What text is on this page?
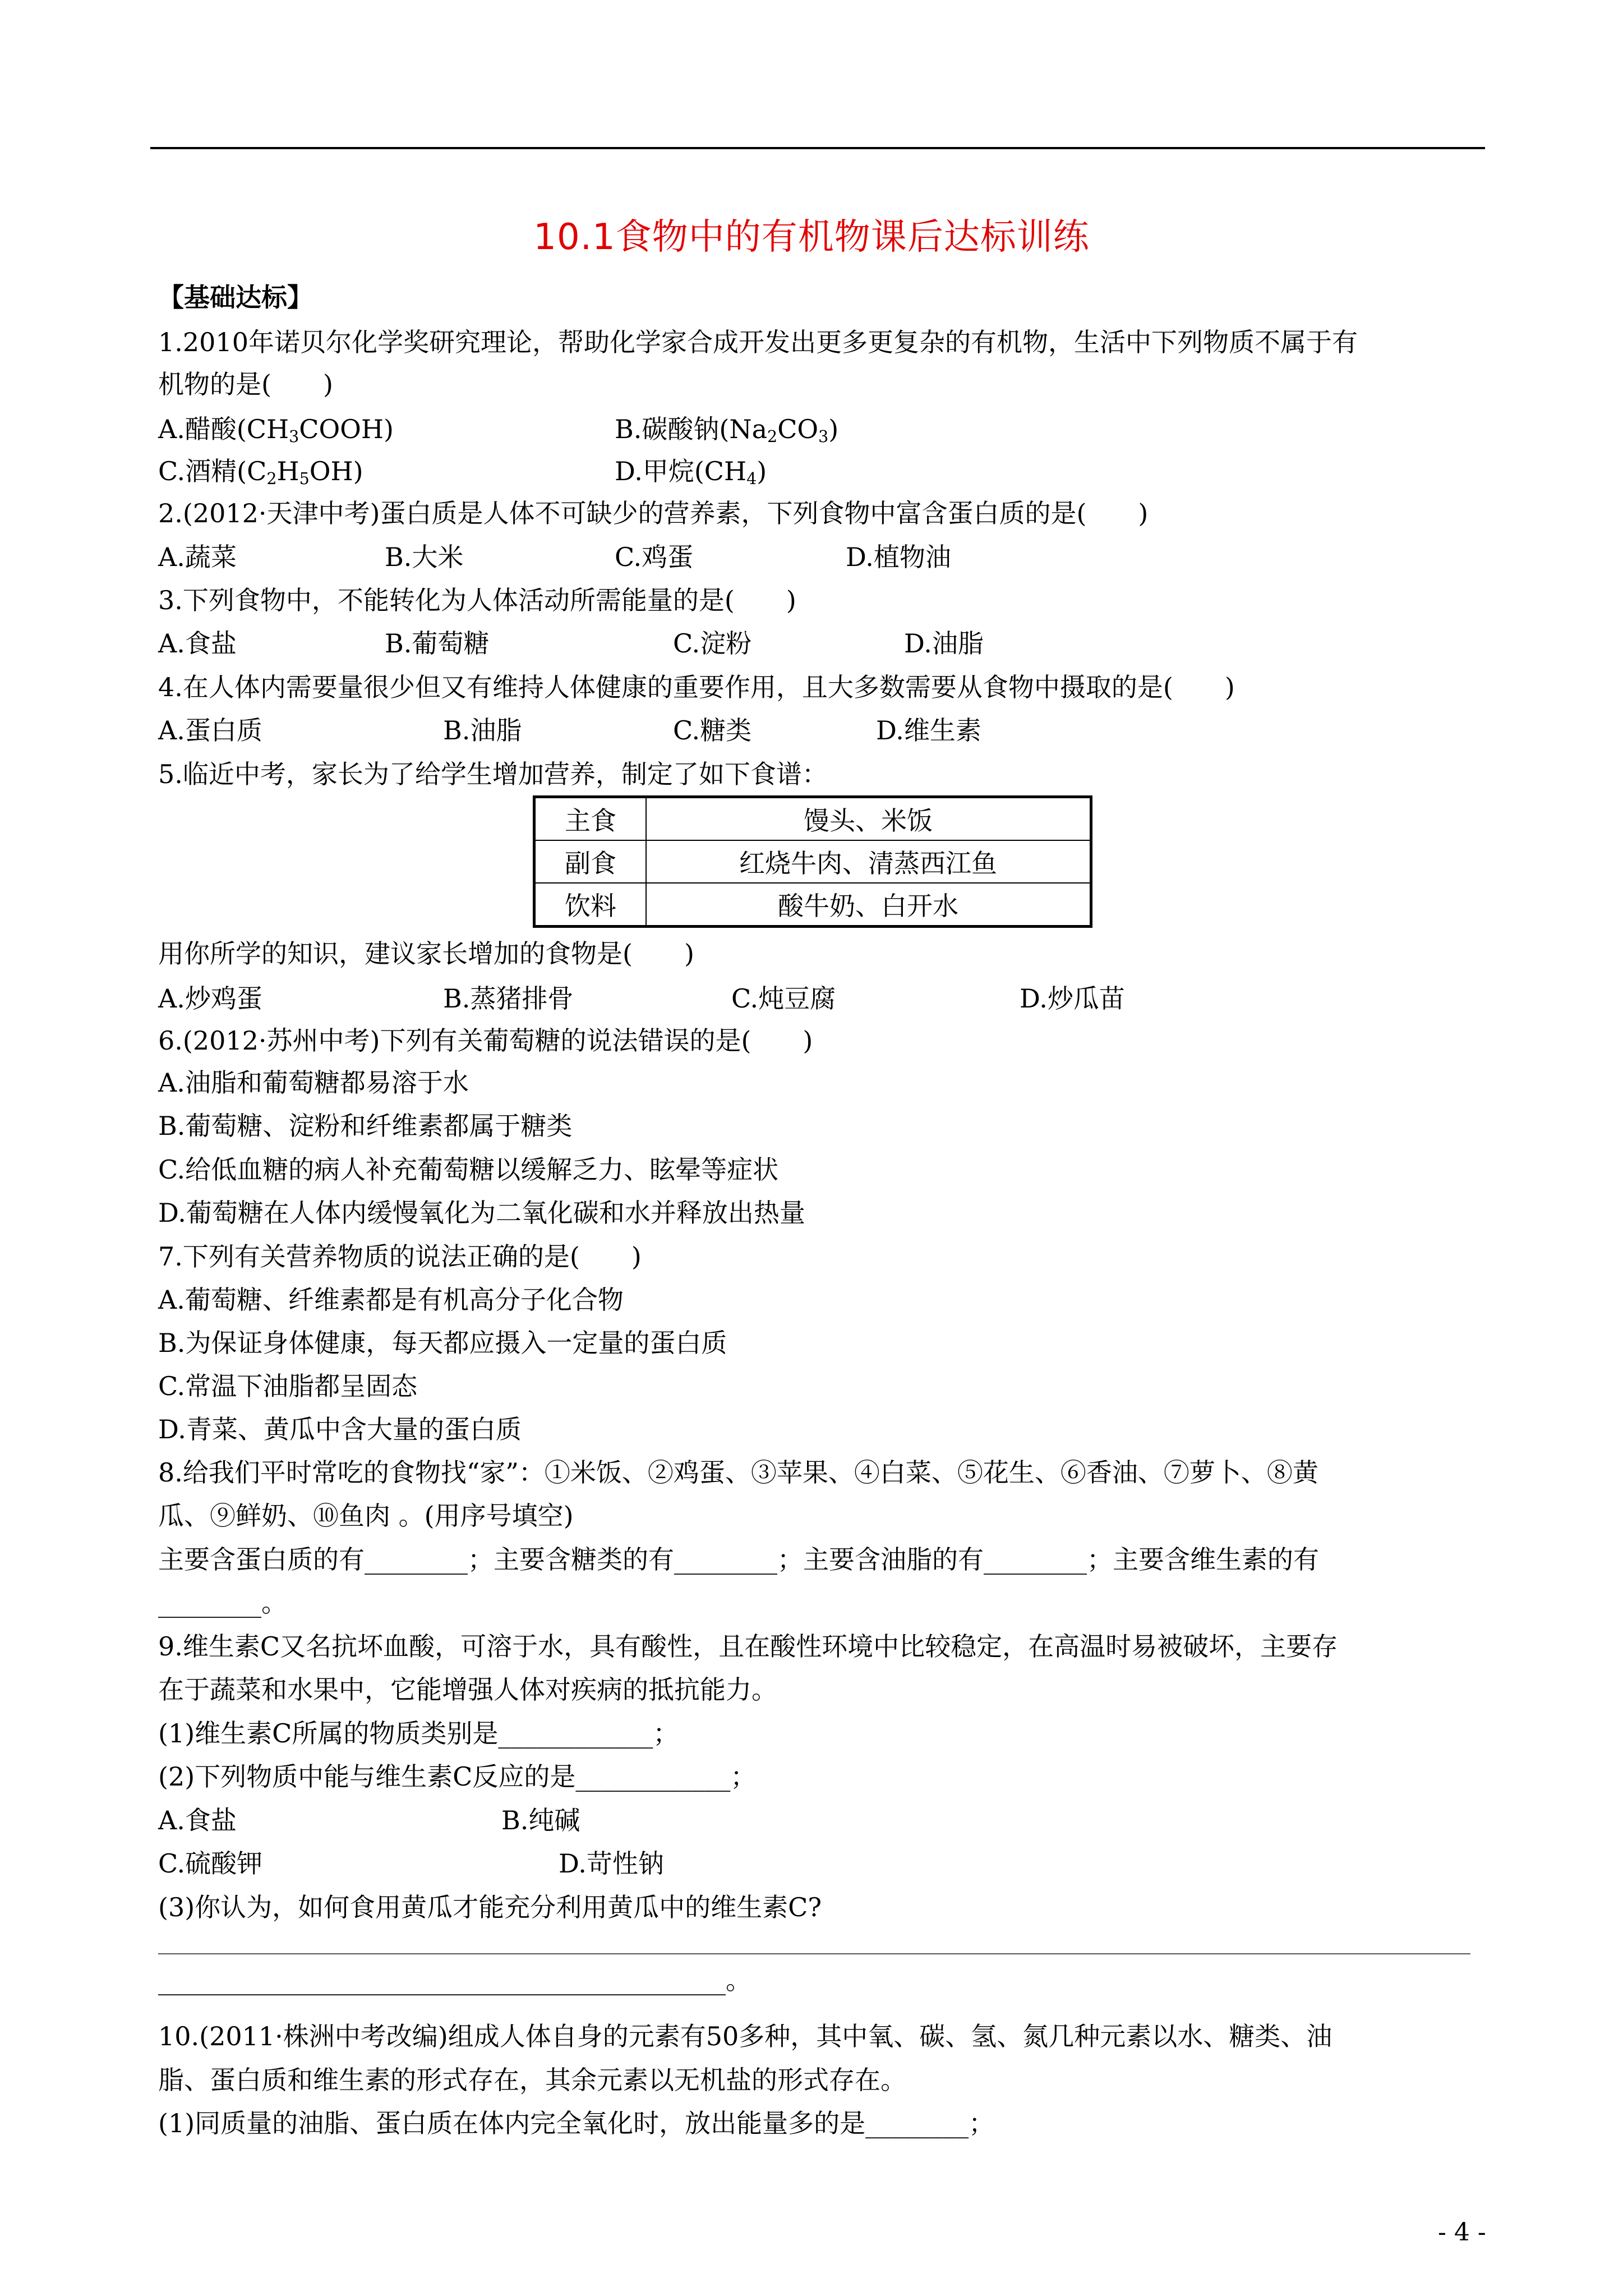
10.1食物中的有机物课后达标训练
【基础达标】
1.2010年诺贝尔化学奖研究理论，帮助化学家合成开发出更多更复杂的有机物，生活中下列物质不属于有
机物的是(　　)
A.醋酸$(CH_3COOH)$	B.碳酸钠$(Na_2CO_3)$
C.酒精$(C_2H_5OH)$	D.甲烷$(CH_4)$
2.(2012·天津中考)蛋白质是人体不可缺少的营养素，下列食物中富含蛋白质的是(　　)
A.蔬菜	B.大米	C.鸡蛋	D.植物油
3.下列食物中，不能转化为人体活动所需能量的是(　　)
A.食盐	B.葡萄糖	C.淀粉	D.油脂
4.在人体内需要量很少但又有维持人体健康的重要作用，且大多数需要从食物中摄取的是(　　)
A.蛋白质	B.油脂	C.糖类	D.维生素
5.临近中考，家长为了给学生增加营养，制定了如下食谱：
主食	馒头、米饭
副食	红烧牛肉、清蒸西江鱼
饮料	酸牛奶、白开水
用你所学的知识，建议家长增加的食物是(　　)
A.炒鸡蛋	B.蒸猪排骨	C.炖豆腐	D.炒瓜苗
6.(2012·苏州中考)下列有关葡萄糖的说法错误的是(　　)
A.油脂和葡萄糖都易溶于水
B.葡萄糖、淀粉和纤维素都属于糖类
C.给低血糖的病人补充葡萄糖以缓解乏力、眩晕等症状
D.葡萄糖在人体内缓慢氧化为二氧化碳和水并释放出热量
7.下列有关营养物质的说法正确的是(　　)
A.葡萄糖、纤维素都是有机高分子化合物
B.为保证身体健康，每天都应摄入一定量的蛋白质
C.常温下油脂都呈固态
D.青菜、黄瓜中含大量的蛋白质
8.给我们平时常吃的食物找“家”：①米饭、②鸡蛋、③苹果、④白菜、⑤花生、⑥香油、⑦萝卜、⑧黄
瓜、⑨鲜奶、⑩鱼肉 。(用序号填空)
主要含蛋白质的有________；主要含糖类的有________；主要含油脂的有________；主要含维生素的有
________。
9.维生素C又名抗坏血酸，可溶于水，具有酸性，且在酸性环境中比较稳定，在高温时易被破坏，主要存
在于蔬菜和水果中，它能增强人体对疾病的抵抗能力。
(1)维生素C所属的物质类别是____________；
(2)下列物质中能与维生素C反应的是____________；
A.食盐	B.纯碱
C.硫酸钾	D.苛性钠
(3)你认为，如何食用黄瓜才能充分利用黄瓜中的维生素C?
____________________________________________。
10.(2011·株洲中考改编)组成人体自身的元素有50多种，其中氧、碳、氢、氮几种元素以水、糖类、油
脂、蛋白质和维生素的形式存在，其余元素以无机盐的形式存在。
(1)同质量的油脂、蛋白质在体内完全氧化时，放出能量多的是________；
- 4 -
